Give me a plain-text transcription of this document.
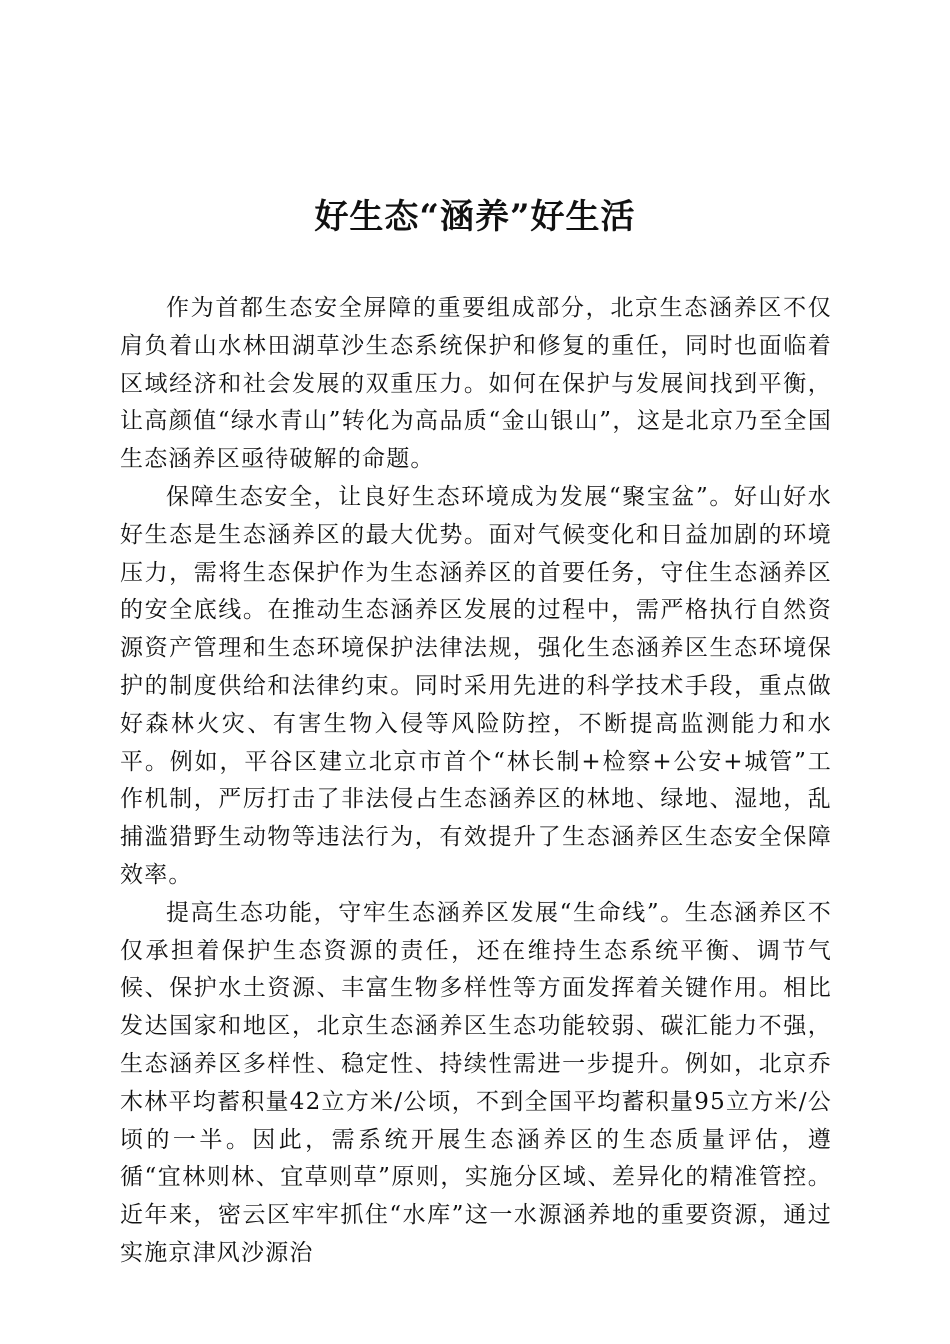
好生态“涵养”好生活

作为首都生态安全屏障的重要组成部分，北京生态涵养区不仅肩负着山水林田湖草沙生态系统保护和修复的重任，同时也面临着区域经济和社会发展的双重压力。如何在保护与发展间找到平衡，让高颜值“绿水青山”转化为高品质“金山银山”，这是北京乃至全国生态涵养区亟待破解的命题。

保障生态安全，让良好生态环境成为发展“聚宝盆”。好山好水好生态是生态涵养区的最大优势。面对气候变化和日益加剧的环境压力，需将生态保护作为生态涵养区的首要任务，守住生态涵养区的安全底线。在推动生态涵养区发展的过程中，需严格执行自然资源资产管理和生态环境保护法律法规，强化生态涵养区生态环境保护的制度供给和法律约束。同时采用先进的科学技术手段，重点做好森林火灾、有害生物入侵等风险防控，不断提高监测能力和水平。例如，平谷区建立北京市首个“林长制+检察+公安+城管”工作机制，严厉打击了非法侵占生态涵养区的林地、绿地、湿地，乱捕滥猎野生动物等违法行为，有效提升了生态涵养区生态安全保障效率。

提高生态功能，守牢生态涵养区发展“生命线”。生态涵养区不仅承担着保护生态资源的责任，还在维持生态系统平衡、调节气候、保护水土资源、丰富生物多样性等方面发挥着关键作用。相比发达国家和地区，北京生态涵养区生态功能较弱、碳汇能力不强，生态涵养区多样性、稳定性、持续性需进一步提升。例如，北京乔木林平均蓄积量42立方米/公顷，不到全国平均蓄积量95立方米/公顷的一半。因此，需系统开展生态涵养区的生态质量评估，遵循“宜林则林、宜草则草”原则，实施分区域、差异化的精准管控。近年来，密云区牢牢抓住“水库”这一水源涵养地的重要资源，通过实施京津风沙源治
